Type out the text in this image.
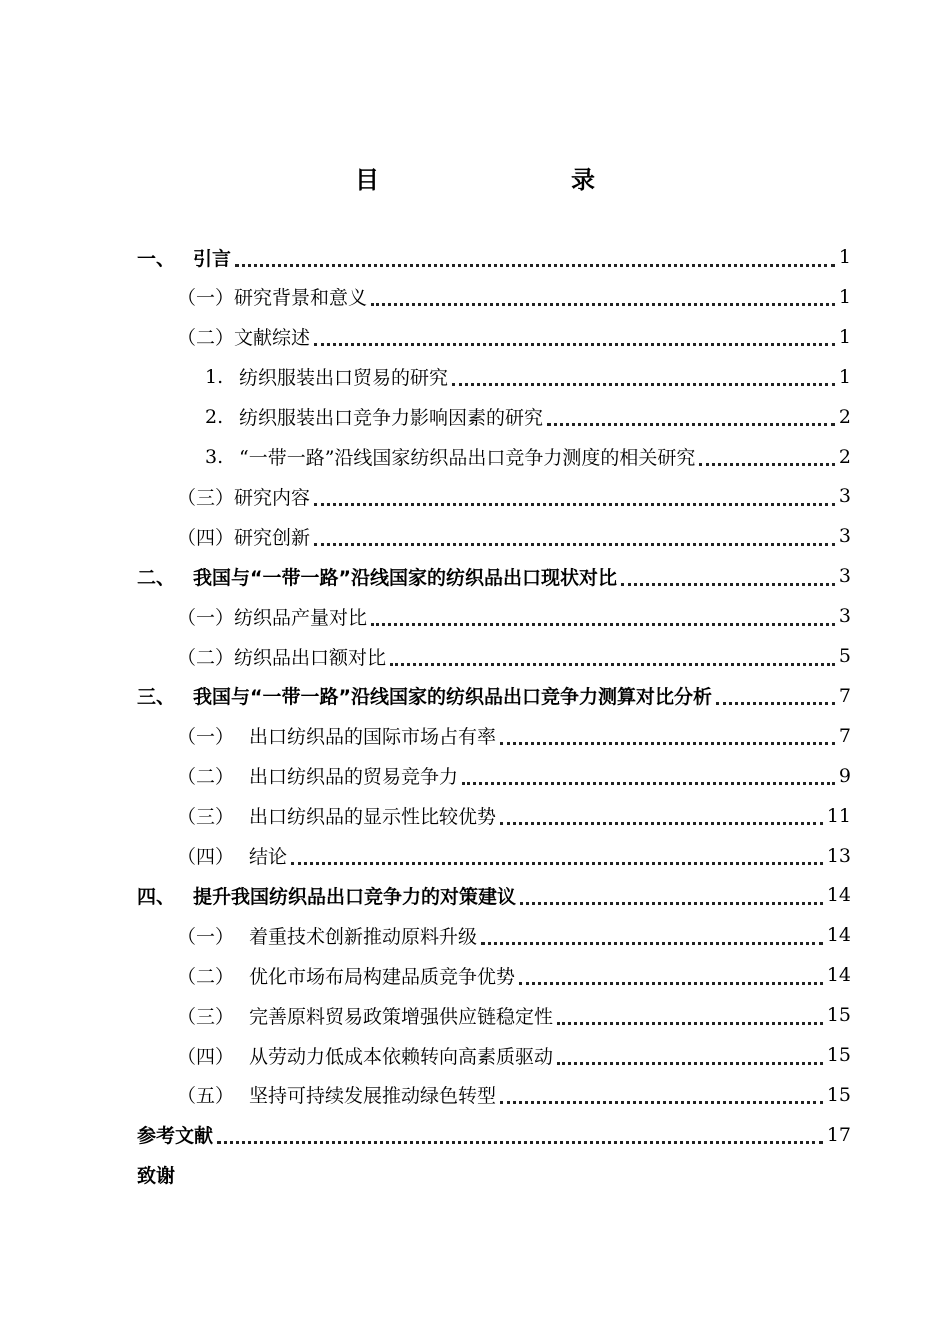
目　　录
一、 引言	1
（一） 研究背景和意义	1
（二） 文献综述	1
1. 纺织服装出口贸易的研究	1
2. 纺织服装出口竞争力影响因素的研究	2
3. “一带一路”沿线国家纺织品出口竞争力测度的相关研究	2
（三） 研究内容	3
（四） 研究创新	3
二、 我国与“一带一路”沿线国家的纺织品出口现状对比	3
（一） 纺织品产量对比	3
（二） 纺织品出口额对比	5
三、 我国与“一带一路”沿线国家的纺织品出口竞争力测算对比分析	7
（一） 出口纺织品的国际市场占有率	7
（二） 出口纺织品的贸易竞争力	9
（三） 出口纺织品的显示性比较优势	11
（四） 结论	13
四、 提升我国纺织品出口竞争力的对策建议	14
（一） 着重技术创新推动原料升级	14
（二） 优化市场布局构建品质竞争优势	14
（三） 完善原料贸易政策增强供应链稳定性	15
（四） 从劳动力低成本依赖转向高素质驱动	15
（五） 坚持可持续发展推动绿色转型	15
参考文献	17
致谢
